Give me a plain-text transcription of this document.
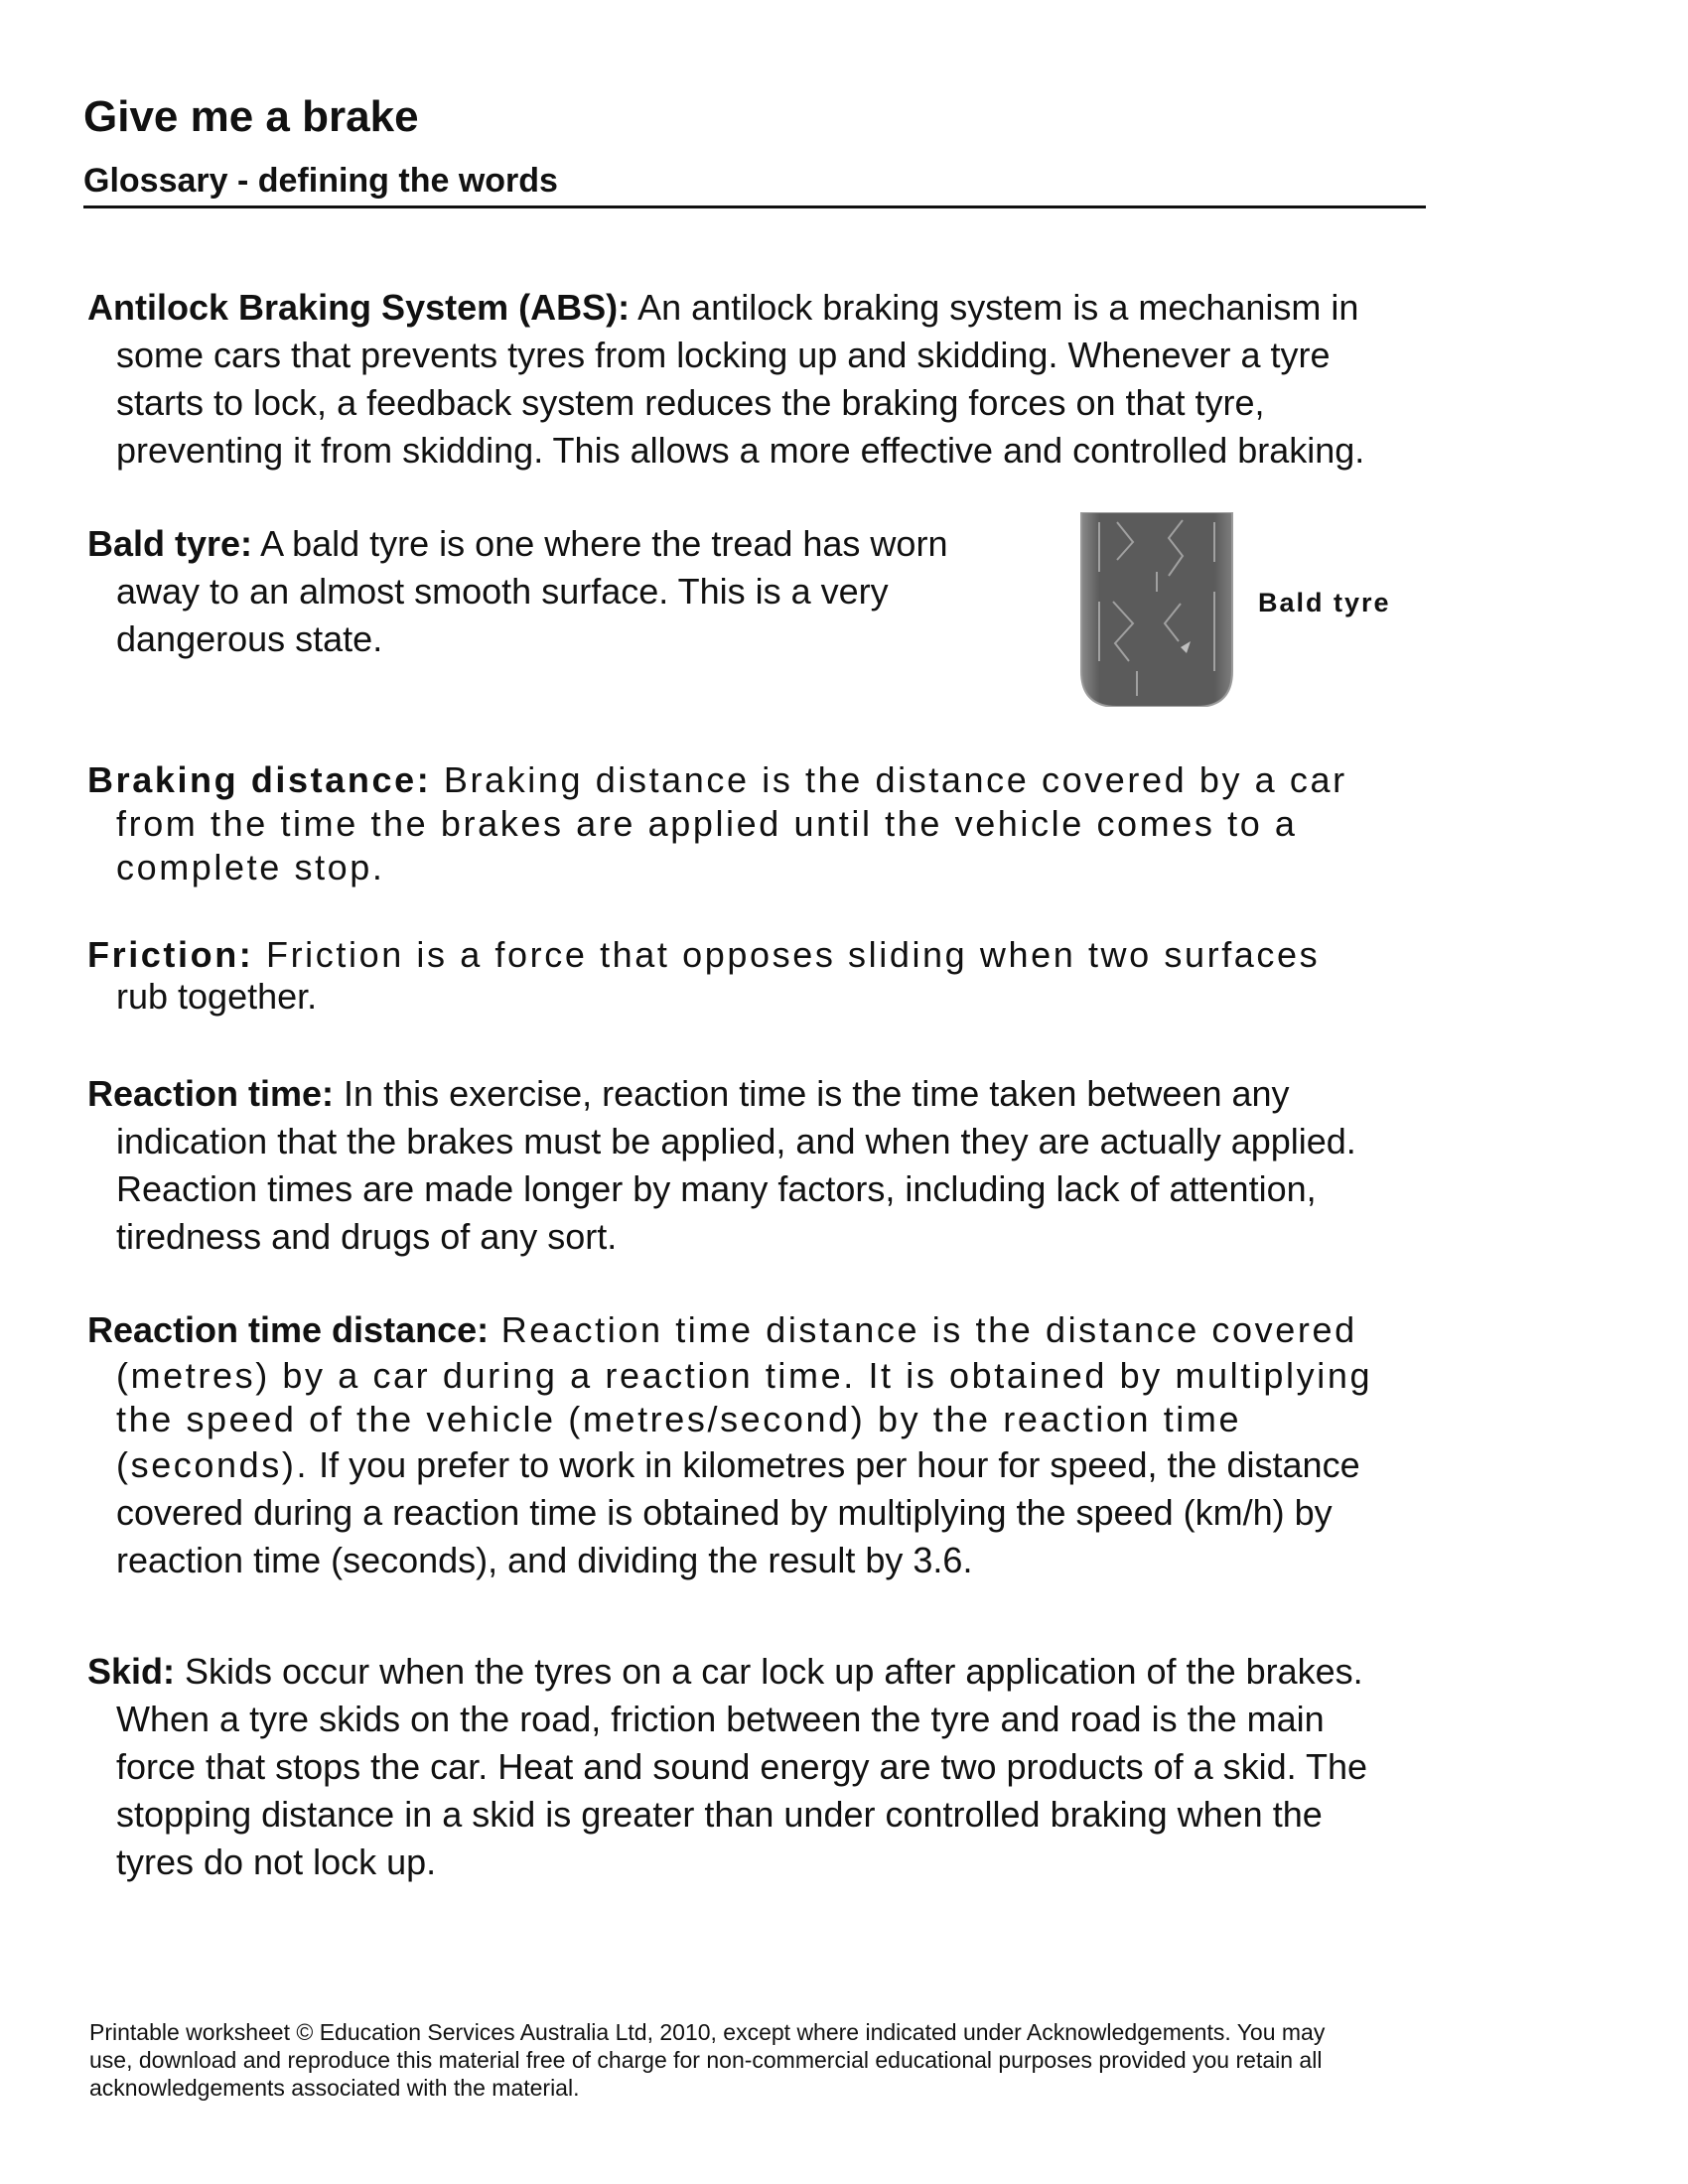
Give me a brake
Glossary - defining the words
Antilock Braking System (ABS): An antilock braking system is a mechanism in
some cars that prevents tyres from locking up and skidding. Whenever a tyre
starts to lock, a feedback system reduces the braking forces on that tyre,
preventing it from skidding. This allows a more effective and controlled braking.
Bald tyre: A bald tyre is one where the tread has worn
away to an almost smooth surface. This is a very
dangerous state.
Bald tyre
Braking distance: Braking distance is the distance covered by a car
from the time the brakes are applied until the vehicle comes to a
complete stop.
Friction: Friction is a force that opposes sliding when two surfaces
rub together.
Reaction time: In this exercise, reaction time is the time taken between any
indication that the brakes must be applied, and when they are actually applied.
Reaction times are made longer by many factors, including lack of attention,
tiredness and drugs of any sort.
Reaction time distance: Reaction time distance is the distance covered
(metres) by a car during a reaction time. It is obtained by multiplying
the speed of the vehicle (metres/second) by the reaction time
(seconds). If you prefer to work in kilometres per hour for speed, the distance
covered during a reaction time is obtained by multiplying the speed (km/h) by
reaction time (seconds), and dividing the result by 3.6.
Skid: Skids occur when the tyres on a car lock up after application of the brakes.
When a tyre skids on the road, friction between the tyre and road is the main
force that stops the car. Heat and sound energy are two products of a skid. The
stopping distance in a skid is greater than under controlled braking when the
tyres do not lock up.
Printable worksheet © Education Services Australia Ltd, 2010, except where indicated under Acknowledgements. You may
use, download and reproduce this material free of charge for non-commercial educational purposes provided you retain all
acknowledgements associated with the material.
